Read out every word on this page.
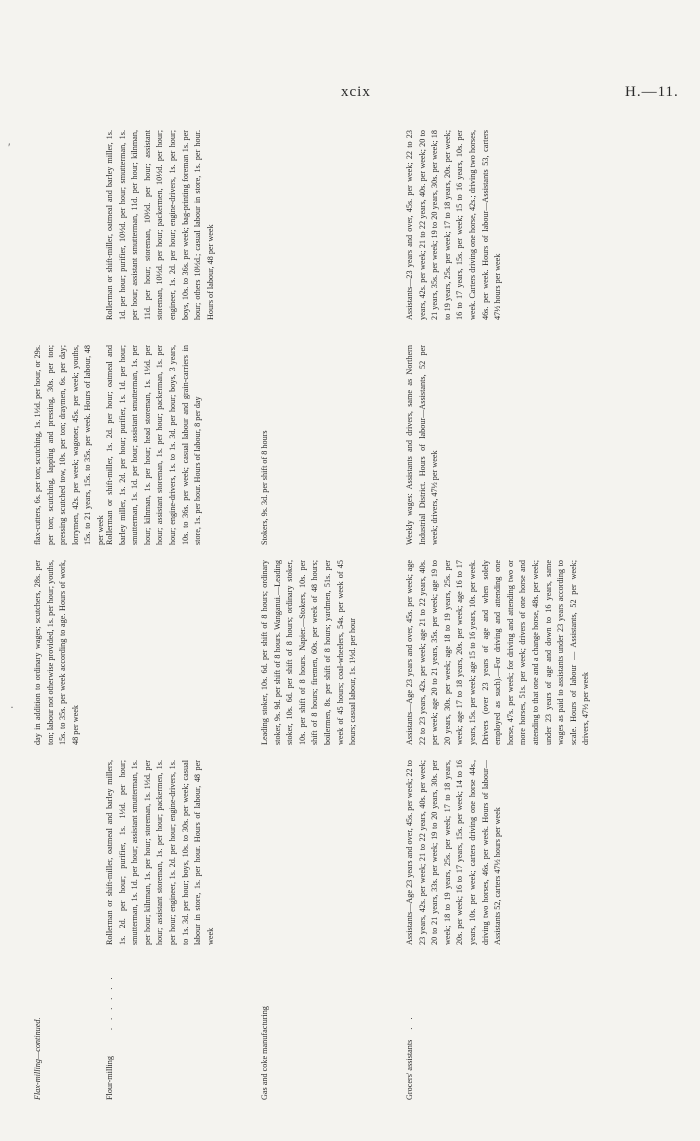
xcix	H.—11.
Flax-milling—continued.
day in addition to ordinary wages; scutchers, 28s. per ton; labour not otherwise provided, 1s. per hour; youths, 15s. to 35s. per week according to age. Hours of work, 48 per week
flax-cutters, 6s. per ton; scutching, 1s. 1½d. per hour, or 29s. per ton; scutching, lapping and pressing, 30s. per ton; pressing scutched tow, 10s. per ton; draymen, 6s. per day; lorrymen, 42s. per week; wagoner, 45s. per week; youths, 15s. to 21 years, 15s. to 35s. per week. Hours of labour, 48 per week
Flour-milling . . . . . .
Rollerman or shift-miller, oatmeal and barley millers, 1s. 2d. per hour; purifier, 1s. 1½d. per hour; smutterman, 1s. 1d. per hour; assistant smutterman, 1s. per hour; kilnman, 1s. per hour; storeman, 1s. 1½d. per hour; assistant storeman, 1s. per hour; packermen, 1s. per hour; engineer, 1s. 2d. per hour; engine-drivers, 1s. to 1s. 3d. per hour; boys, 10s. to 30s. per week; casual labour in store, 1s. per hour. Hours of labour, 48 per week
Rollerman or shift-miller, 1s. 2d. per hour; oatmeal and barley miller, 1s. 2d. per hour; purifier, 1s. 1d. per hour; smutterman, 1s. 1d. per hour; assistant smutterman, 1s. per hour; kilnman, 1s. per hour; head storeman, 1s. 1½d. per hour; assistant storeman, 1s. per hour; packerman, 1s. per hour; engine-drivers, 1s. to 1s. 3d. per hour; boys, 3 years, 10s. to 36s. per week; casual labour and grain-carriers in store, 1s. per hour. Hours of labour, 8 per day
Rollerman or shift-miller, oatmeal and barley miller, 1s. 1d. per hour; purifier, 10½d. per hour; smutterman, 1s. per hour; assistant smutterman, 11d. per hour; kilnman, 11d. per hour; storeman, 10½d. per hour; assistant storeman, 10½d. per hour; packermen, 10½d. per hour; engineer, 1s. 2d. per hour; engine-drivers, 1s. per hour; boys, 10s. to 36s. per week; bag-printing foreman 1s. per hour; others 10½d.; casual labour in store, 1s. per hour. Hours of labour, 48 per week
Gas and coke manufacturing
Leading stoker, 10s. 6d. per shift of 8 hours; ordinary stoker, 9s. 9d. per shift of 8 hours. Wanganui.—Leading stoker, 10s. 6d. per shift of 8 hours; ordinary stoker, 10s. per shift of 8 hours. Napier.—Stokers, 10s. per shift of 8 hours; firemen, 60s. per week of 48 hours; boilermen, 8s. per shift of 8 hours; yardmen, 51s. per week of 45 hours; coal-wheelers, 54s. per week of 45 hours; casual labour, 1s. 1½d. per hour
Stokers, 9s. 3d. per shift of 8 hours
Grocers' assistants . .
Assistants—Age 23 years and over, 45s. per week; 22 to 23 years, 42s. per week; 21 to 22 years, 40s. per week; 20 to 21 years, 33s. per week; 19 to 20 years, 30s. per week; 18 to 19 years, 25s. per week; 17 to 18 years, 20s. per week; 16 to 17 years, 15s. per week; 14 to 16 years, 10s. per week; carters driving one horse 44s., driving two horses, 46s. per week. Hours of labour—Assistants 52, carters 47½ hours per week
Assistants—Age 23 years and over, 45s. per week; age 22 to 23 years, 42s. per week; age 21 to 22 years, 40s. per week; age 20 to 21 years, 35s. per week; age 19 to 20 years, 30s. per week; age 18 to 19 years, 25s. per week; age 17 to 18 years, 20s. per week; age 16 to 17 years, 15s. per week; age 15 to 16 years, 10s. per week. Drivers (over 23 years of age and when solely employed as such).—For driving and attending one horse, 47s. per week; for driving and attending two or more horses, 51s. per week; drivers of one horse and attending to that one and a change horse, 48s. per week; under 23 years of age and down to 16 years, same wages as paid to assistants under 23 years according to scale. Hours of labour — Assistants, 52 per week; drivers, 47½ per week
Weekly wages: Assistants and drivers, same as Northern Industrial District. Hours of labour—Assistants, 52 per week; drivers, 47½ per week
Assistants—23 years and over, 45s. per week; 22 to 23 years, 42s. per week; 21 to 22 years, 40s. per week; 20 to 21 years, 35s. per week; 19 to 20 years, 30s. per week; 18 to 19 years, 25s. per week; 17 to 18 years, 20s. per week; 16 to 17 years, 15s. per week; 15 to 16 years, 10s. per week. Carters driving one horse, 42s.; driving two horses, 46s. per week. Hours of labour—Assistants 53, carters 47½ hours per week
′
·
